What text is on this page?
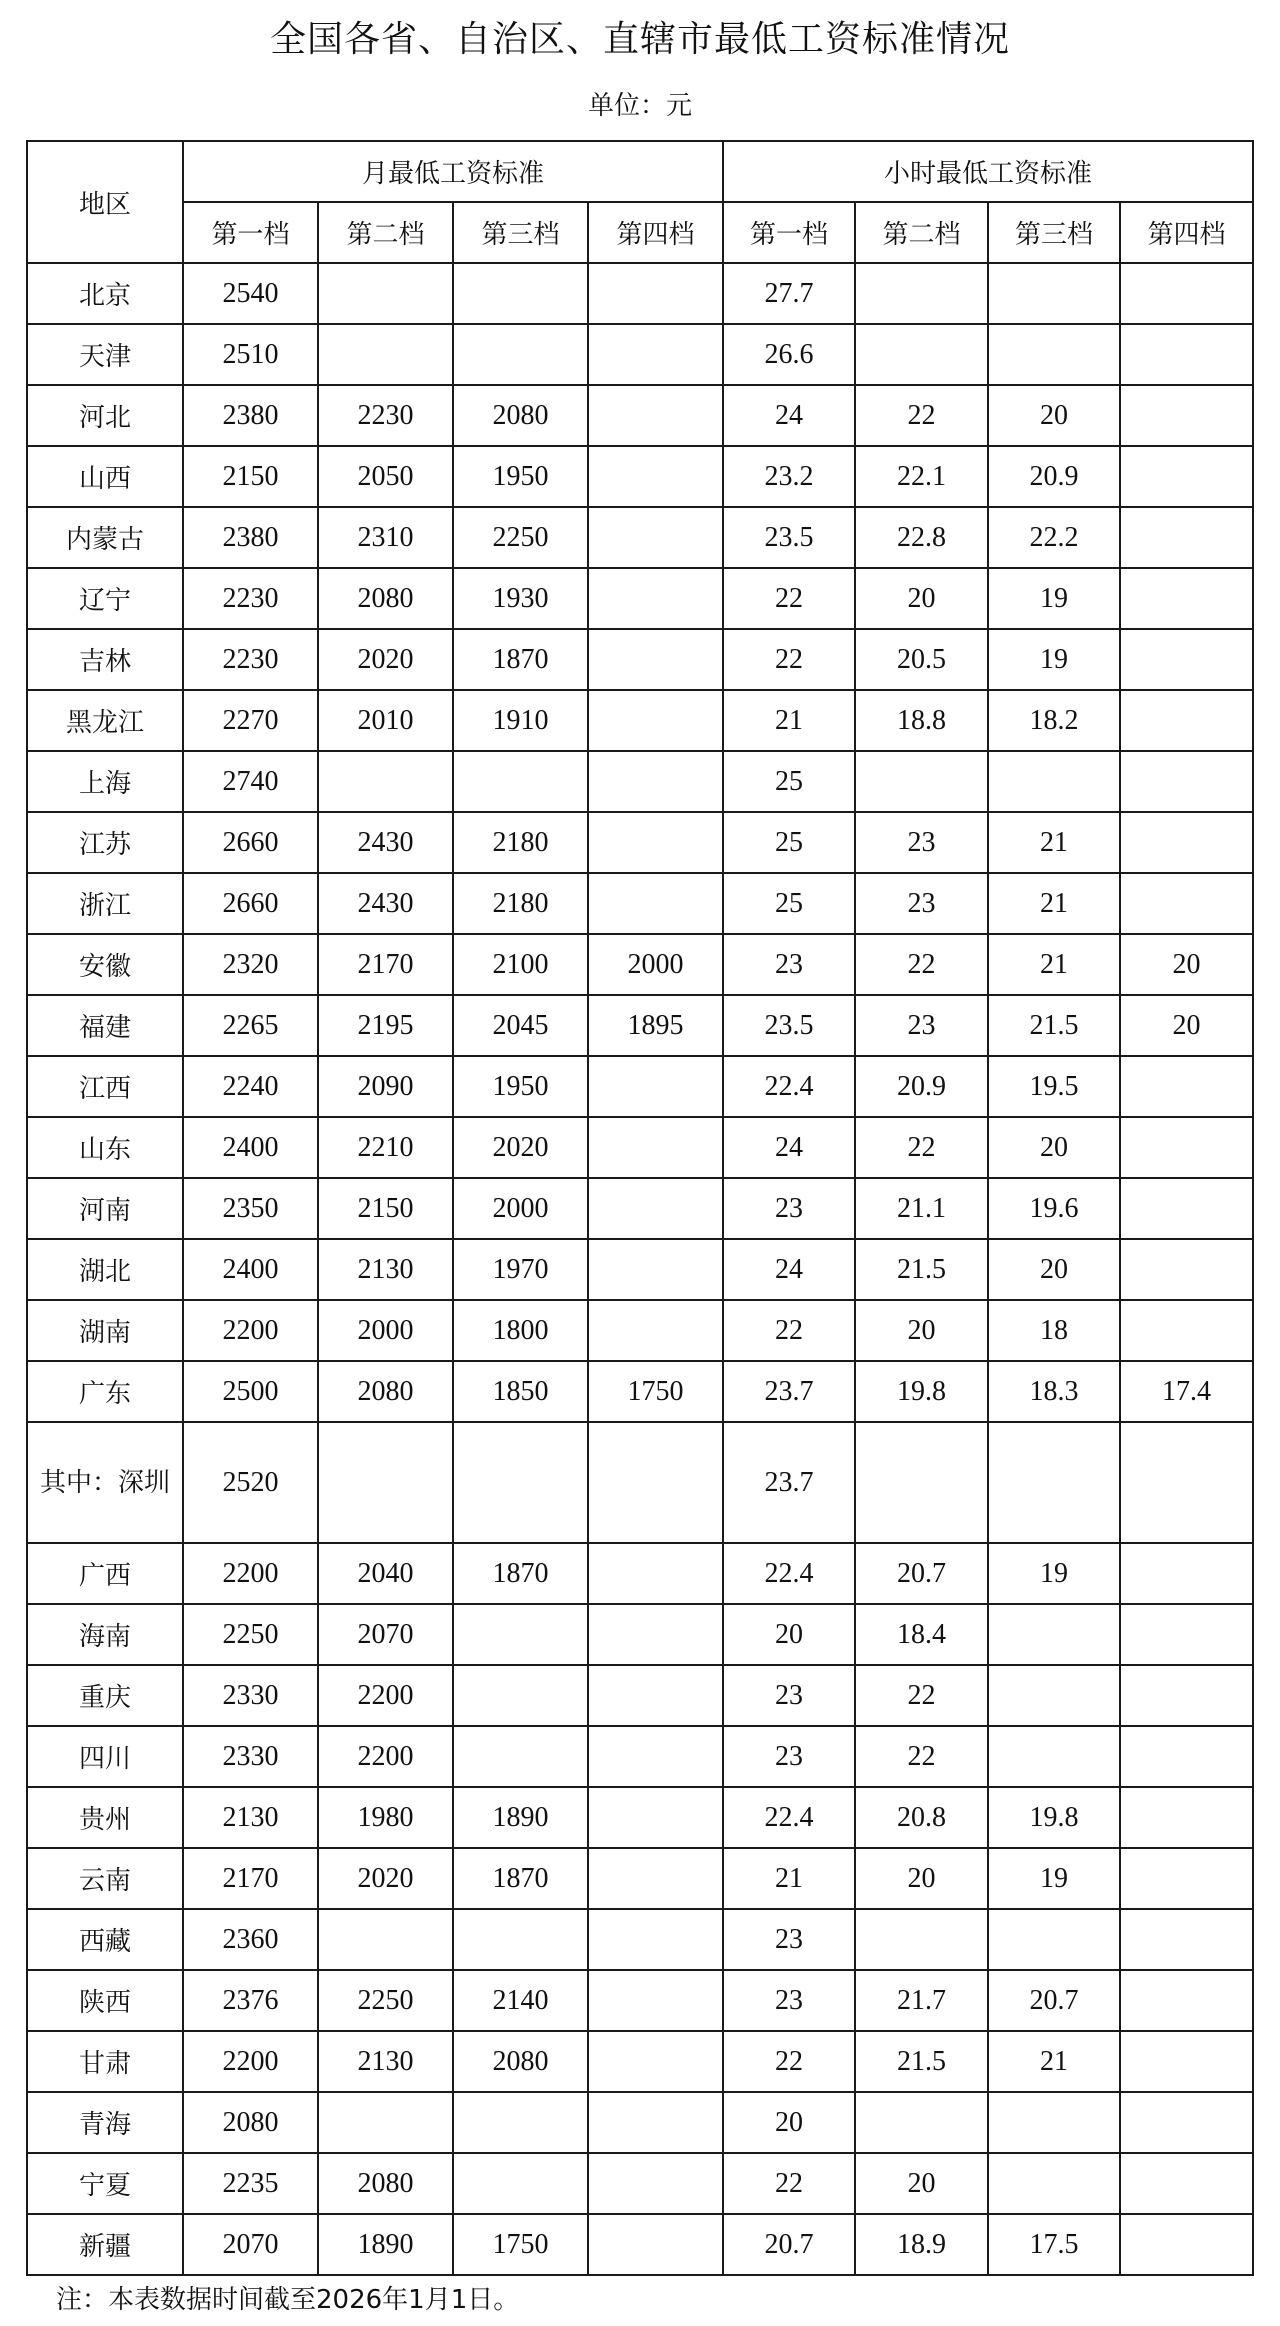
全国各省、自治区、直辖市最低工资标准情况
单位：元
地区	月最低工资标准				小时最低工资标准			
	第一档	第二档	第三档	第四档	第一档	第二档	第三档	第四档
北京	2540				27.7			
天津	2510				26.6			
河北	2380	2230	2080		24	22	20	
山西	2150	2050	1950		23.2	22.1	20.9	
内蒙古	2380	2310	2250		23.5	22.8	22.2	
辽宁	2230	2080	1930		22	20	19	
吉林	2230	2020	1870		22	20.5	19	
黑龙江	2270	2010	1910		21	18.8	18.2	
上海	2740				25			
江苏	2660	2430	2180		25	23	21	
浙江	2660	2430	2180		25	23	21	
安徽	2320	2170	2100	2000	23	22	21	20
福建	2265	2195	2045	1895	23.5	23	21.5	20
江西	2240	2090	1950		22.4	20.9	19.5	
山东	2400	2210	2020		24	22	20	
河南	2350	2150	2000		23	21.1	19.6	
湖北	2400	2130	1970		24	21.5	20	
湖南	2200	2000	1800		22	20	18	
广东	2500	2080	1850	1750	23.7	19.8	18.3	17.4
其中：深圳	2520				23.7			
广西	2200	2040	1870		22.4	20.7	19	
海南	2250	2070			20	18.4		
重庆	2330	2200			23	22		
四川	2330	2200			23	22		
贵州	2130	1980	1890		22.4	20.8	19.8	
云南	2170	2020	1870		21	20	19	
西藏	2360				23			
陕西	2376	2250	2140		23	21.7	20.7	
甘肃	2200	2130	2080		22	21.5	21	
青海	2080				20			
宁夏	2235	2080			22	20		
新疆	2070	1890	1750		20.7	18.9	17.5	
注：本表数据时间截至2026年1月1日。
